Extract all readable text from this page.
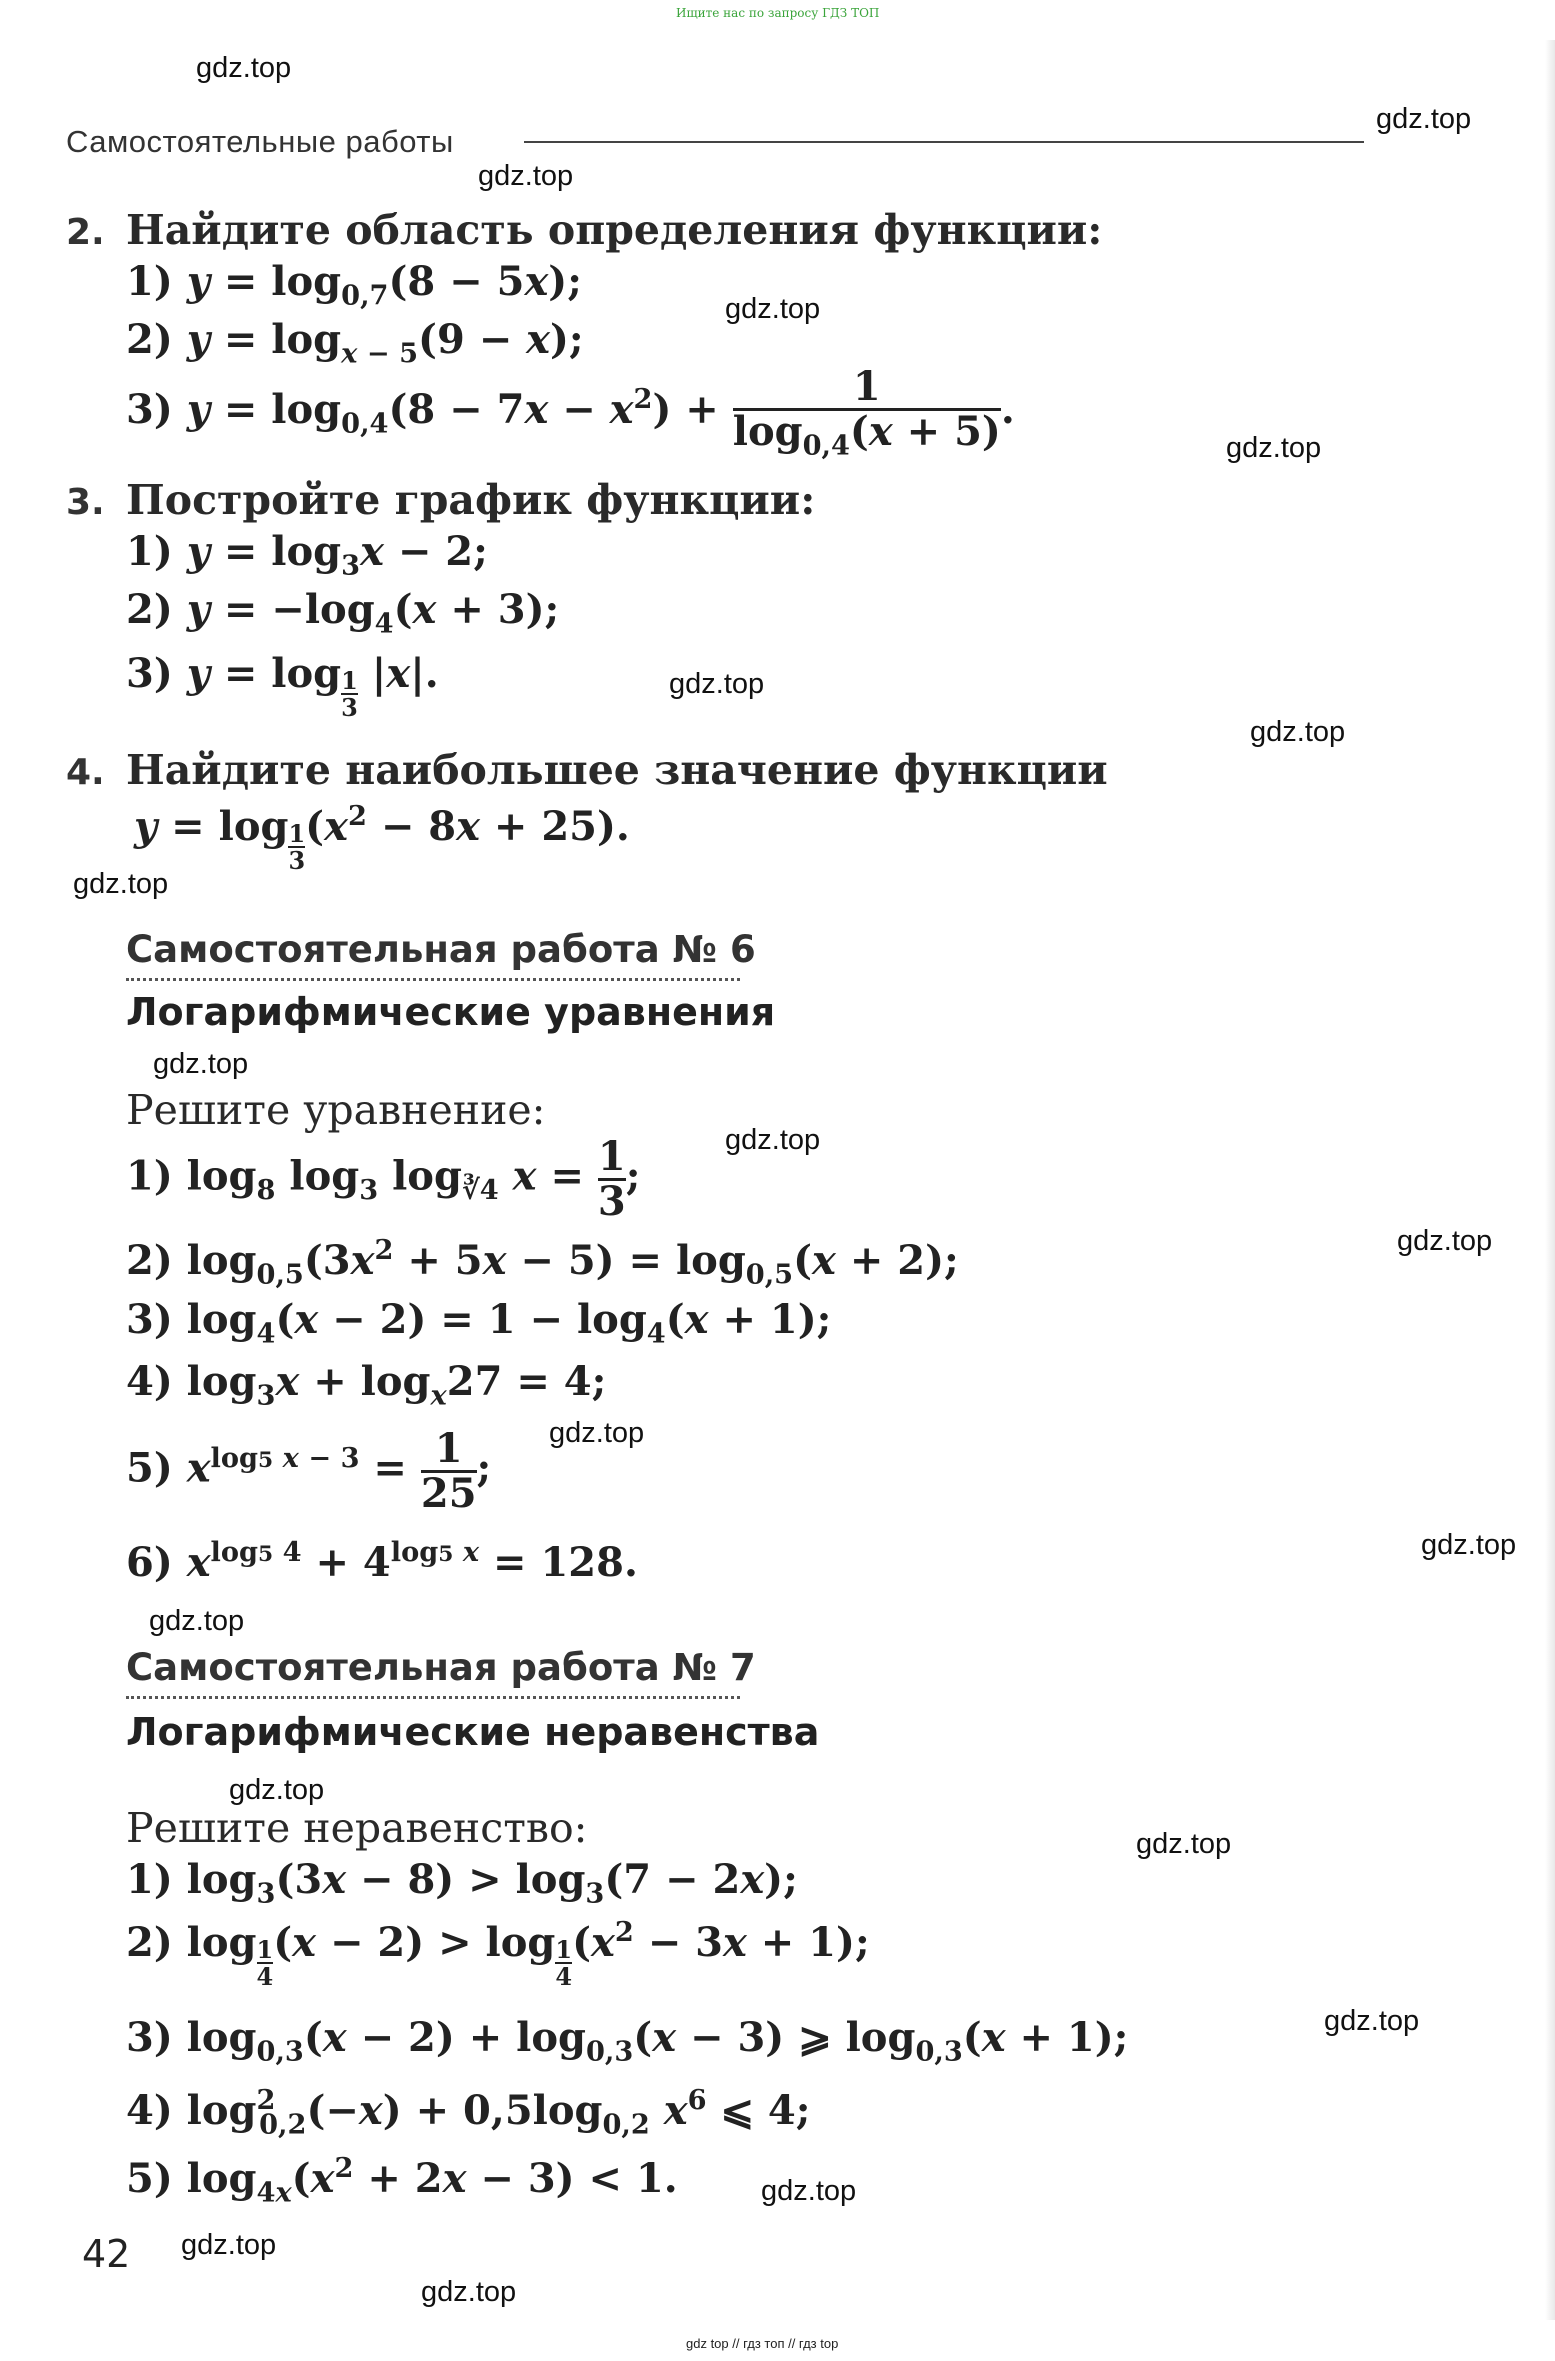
Ищите нас по запросу ГДЗ ТОП
gdz.top
gdz.top
gdz.top
gdz.top
gdz.top
gdz.top
gdz.top
gdz.top
gdz.top
gdz.top
gdz.top
gdz.top
gdz.top
gdz.top
gdz.top
gdz.top
gdz.top
gdz.top
gdz.top
gdz.top
Самостоятельные работы
2. Найдите область определения функции:
1) $y = \log_{0,7}(8 - 5x)$;
2) $y = \log_{x - 5}(9 - x)$;
3) $y = \log_{0,4}(8 - 7x - x^2) + \frac{1}{\log_{0,4}(x + 5)}$ .
3. Постройте график функции:
1) $y = \log_3x - 2$;
2) $y = -\log_4(x + 3)$;
3) $y = \log \frac{1}{3} |x|$.
4. Найдите наибольшее значение функции
$y = \log \frac{1}{3} (x^2 - 8x + 25)$.
Самостоятельная работа № 6
Логарифмические уравнения
Решите уравнение:
1) $\log_8 \log_3 \log_{∛4} x = \frac{1}{3}$ ;
2) $\log_{0,5}(3x^2 + 5x - 5) = \log_{0,5}(x + 2)$;
3) $\log_4(x - 2) = 1 - \log_4(x + 1)$;
4) $\log_3x + \log_x27 = 4$;
5) $x^{log5 x - 3} = \frac{1}{25}$ ;
6) $x^{log5 4} + 4^{log5 x} = 128$.
Самостоятельная работа № 7
Логарифмические неравенства
Решите неравенство:
1) $\log_3(3x - 8) > \log_3(7 - 2x)$;
2) $\log \frac{1}{4} (x - 2) > \log \frac{1}{4} (x^2 - 3x + 1)$;
3) $\log_{0,3}(x - 2) + \log_{0,3}(x - 3)$ ⩾ $\log_{0,3}(x + 1)$;
4) $\log^2_{0,2}(-x) + 0,5\log_{0,2}$ $x^6$ ⩽ 4;
5) $\log_{4x}(x^2 + 2x - 3) < 1$.
42
gdz top // гдз топ // гдз top
